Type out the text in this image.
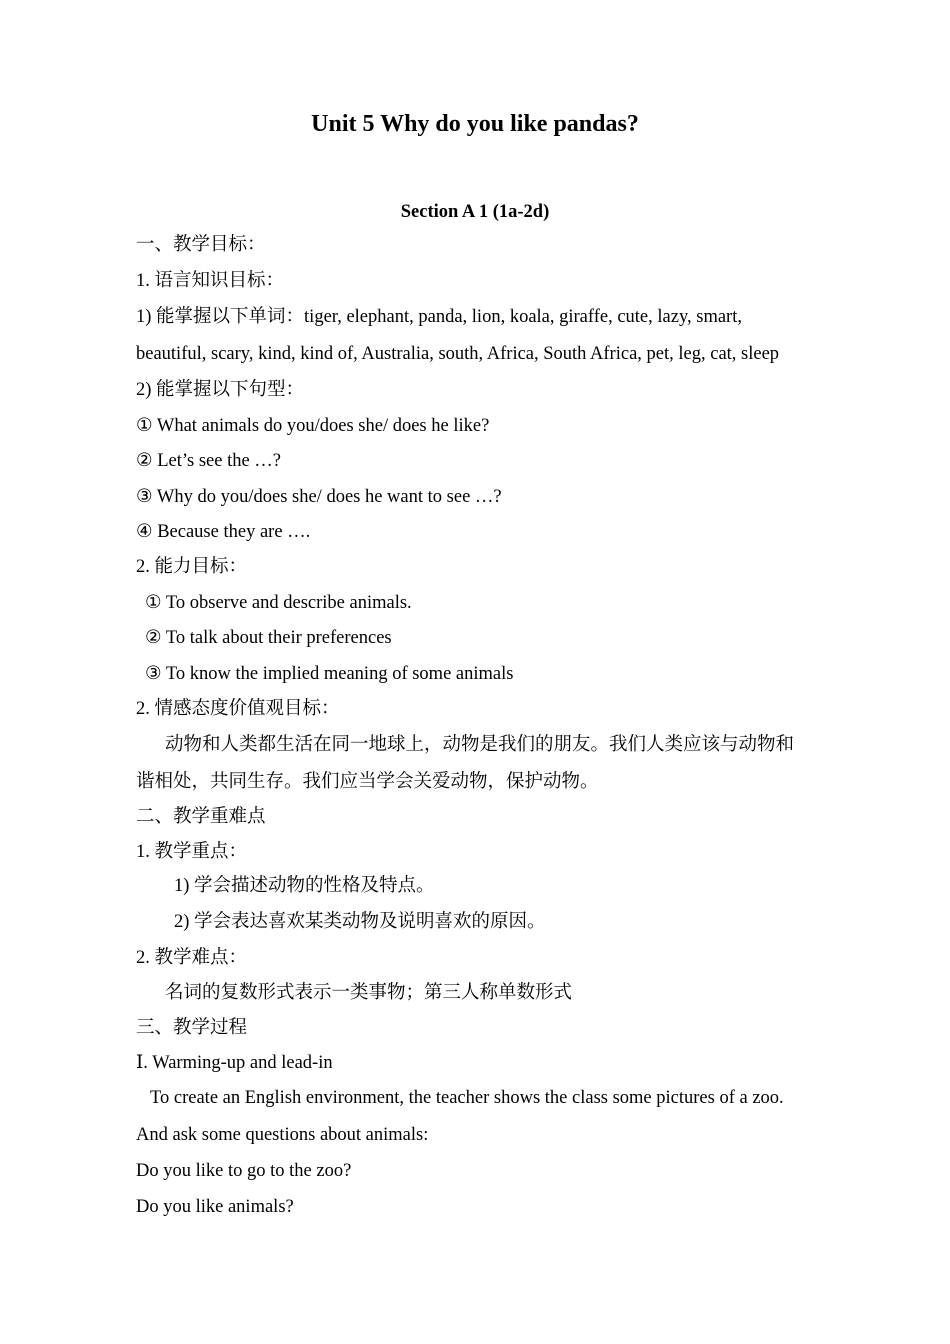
Unit 5 Why do you like pandas?
Section A 1 (1a-2d)
一、教学目标：
1. 语言知识目标：
1) 能掌握以下单词：tiger, elephant, panda, lion, koala, giraffe, cute, lazy, smart,
beautiful, scary, kind, kind of, Australia, south, Africa, South Africa, pet, leg, cat, sleep
2) 能掌握以下句型：
① What animals do you/does she/ does he like?
② Let’s see the …?
③ Why do you/does she/ does he want to see …?
④ Because they are ….
2. 能力目标：
① To observe and describe animals.
② To talk about their preferences
③ To know the implied meaning of some animals
2. 情感态度价值观目标：
动物和人类都生活在同一地球上，动物是我们的朋友。我们人类应该与动物和
谐相处，共同生存。我们应当学会关爱动物，保护动物。
二、教学重难点
1. 教学重点：
1) 学会描述动物的性格及特点。
2) 学会表达喜欢某类动物及说明喜欢的原因。
2. 教学难点：
名词的复数形式表示一类事物；第三人称单数形式
三、教学过程
Ⅰ. Warming-up and lead-in
To create an English environment, the teacher shows the class some pictures of a zoo.
And ask some questions about animals:
Do you like to go to the zoo?
Do you like animals?
